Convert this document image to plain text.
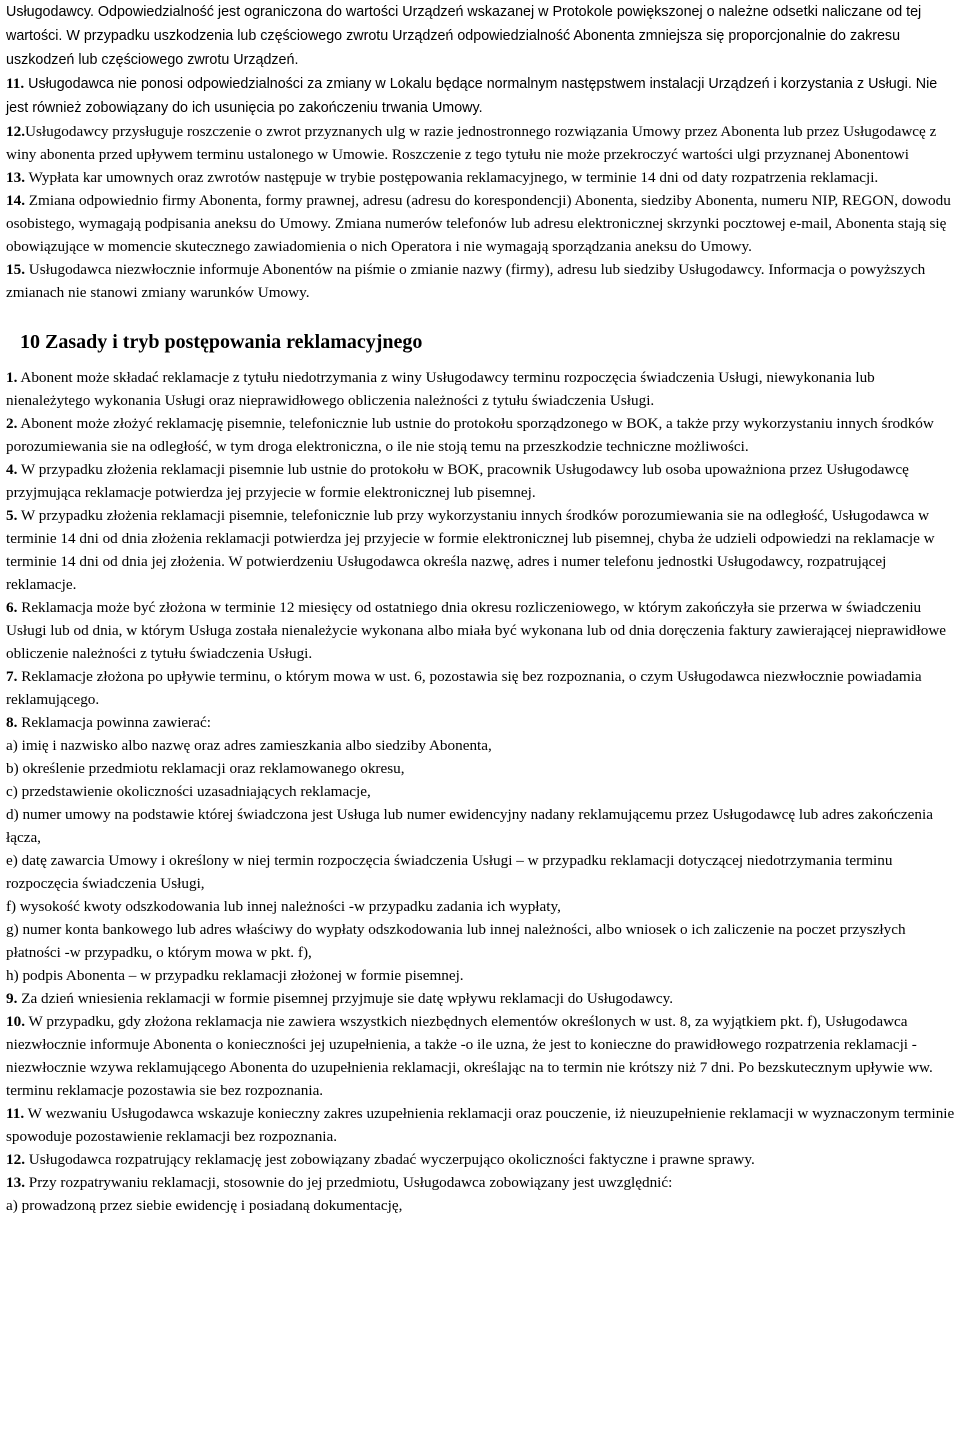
Usługodawcy. Odpowiedzialność jest ograniczona do wartości Urządzeń wskazanej w Protokole powiększonej o należne odsetki naliczane od tej wartości. W przypadku uszkodzenia lub częściowego zwrotu Urządzeń odpowiedzialność Abonenta zmniejsza się proporcjonalnie do zakresu uszkodzeń lub częściowego zwrotu Urządzeń.

11. Usługodawca nie ponosi odpowiedzialności za zmiany w Lokalu będące normalnym następstwem instalacji Urządzeń i korzystania z Usługi. Nie jest również zobowiązany do ich usunięcia po zakończeniu trwania Umowy.

12.Usługodawcy przysługuje roszczenie o zwrot przyznanych ulg w razie jednostronnego rozwiązania Umowy przez Abonenta lub przez Usługodawcę z winy abonenta przed upływem terminu ustalonego w Umowie. Roszczenie z tego tytułu nie może przekroczyć wartości ulgi przyznanej Abonentowi

13. Wypłata kar umownych oraz zwrotów następuje w trybie postępowania reklamacyjnego, w terminie 14 dni od daty rozpatrzenia reklamacji.

14. Zmiana odpowiednio firmy Abonenta, formy prawnej, adresu (adresu do korespondencji) Abonenta, siedziby Abonenta, numeru NIP, REGON, dowodu osobistego, wymagają podpisania aneksu do Umowy. Zmiana numerów telefonów lub adresu elektronicznej skrzynki pocztowej e-mail, Abonenta stają się obowiązujące w momencie skutecznego zawiadomienia o nich Operatora i nie wymagają sporządzania aneksu do Umowy.

15. Usługodawca niezwłocznie informuje Abonentów na piśmie o zmianie nazwy (firmy), adresu lub siedziby Usługodawcy. Informacja o powyższych zmianach nie stanowi zmiany warunków Umowy.

10 Zasady i tryb postępowania reklamacyjnego

1. Abonent może składać reklamacje z tytułu niedotrzymania z winy Usługodawcy terminu rozpoczęcia świadczenia Usługi, niewykonania lub nienależytego wykonania Usługi oraz nieprawidłowego obliczenia należności z tytułu świadczenia Usługi.

2. Abonent może złożyć reklamację pisemnie, telefonicznie lub ustnie do protokołu sporządzonego w BOK, a także przy wykorzystaniu innych środków porozumiewania sie na odległość, w tym droga elektroniczna, o ile nie stoją temu na przeszkodzie techniczne możliwości.

4. W przypadku złożenia reklamacji pisemnie lub ustnie do protokołu w BOK, pracownik Usługodawcy lub osoba upoważniona przez Usługodawcę przyjmująca reklamacje potwierdza jej przyjecie w formie elektronicznej lub pisemnej.

5. W przypadku złożenia reklamacji pisemnie, telefonicznie lub przy wykorzystaniu innych środków porozumiewania sie na odległość, Usługodawca w terminie 14 dni od dnia złożenia reklamacji potwierdza jej przyjecie w formie elektronicznej lub pisemnej, chyba że udzieli odpowiedzi na reklamacje w terminie 14 dni od dnia jej złożenia. W potwierdzeniu Usługodawca określa nazwę, adres i numer telefonu jednostki Usługodawcy, rozpatrującej reklamacje.

6. Reklamacja może być złożona w terminie 12 miesięcy od ostatniego dnia okresu rozliczeniowego, w którym zakończyła sie przerwa w świadczeniu Usługi lub od dnia, w którym Usługa została nienależycie wykonana albo miała być wykonana lub od dnia doręczenia faktury zawierającej nieprawidłowe obliczenie należności z tytułu świadczenia Usługi.

7. Reklamacje złożona po upływie terminu, o którym mowa w ust. 6, pozostawia się bez rozpoznania, o czym Usługodawca niezwłocznie powiadamia reklamującego.

8. Reklamacja powinna zawierać:

a) imię i nazwisko albo nazwę oraz adres zamieszkania albo siedziby Abonenta,

b) określenie przedmiotu reklamacji oraz reklamowanego okresu,

c) przedstawienie okoliczności uzasadniających reklamacje,

d) numer umowy na podstawie której świadczona jest Usługa lub numer ewidencyjny nadany reklamującemu przez Usługodawcę lub adres zakończenia łącza,

e) datę zawarcia Umowy i określony w niej termin rozpoczęcia świadczenia Usługi – w przypadku reklamacji dotyczącej niedotrzymania terminu rozpoczęcia świadczenia Usługi,

f) wysokość kwoty odszkodowania lub innej należności -w przypadku zadania ich wypłaty,

g) numer konta bankowego lub adres właściwy do wypłaty odszkodowania lub innej należności, albo wniosek o ich zaliczenie na poczet przyszłych płatności -w przypadku, o którym mowa w pkt. f),

h) podpis Abonenta – w przypadku reklamacji złożonej w formie pisemnej.

9. Za dzień wniesienia reklamacji w formie pisemnej przyjmuje sie datę wpływu reklamacji do Usługodawcy.

10. W przypadku, gdy złożona reklamacja nie zawiera wszystkich niezbędnych elementów określonych w ust. 8, za wyjątkiem pkt. f), Usługodawca niezwłocznie informuje Abonenta o konieczności jej uzupełnienia, a także -o ile uzna, że jest to konieczne do prawidłowego rozpatrzenia reklamacji -niezwłocznie wzywa reklamującego Abonenta do uzupełnienia reklamacji, określając na to termin nie krótszy niż 7 dni. Po bezskutecznym upływie ww. terminu reklamacje pozostawia sie bez rozpoznania.

11. W wezwaniu Usługodawca wskazuje konieczny zakres uzupełnienia reklamacji oraz pouczenie, iż nieuzupełnienie reklamacji w wyznaczonym terminie spowoduje pozostawienie reklamacji bez rozpoznania.

12. Usługodawca rozpatrujący reklamację jest zobowiązany zbadać wyczerpująco okoliczności faktyczne i prawne sprawy.

13. Przy rozpatrywaniu reklamacji, stosownie do jej przedmiotu, Usługodawca zobowiązany jest uwzględnić:

a) prowadzoną przez siebie ewidencję i posiadaną dokumentację,
